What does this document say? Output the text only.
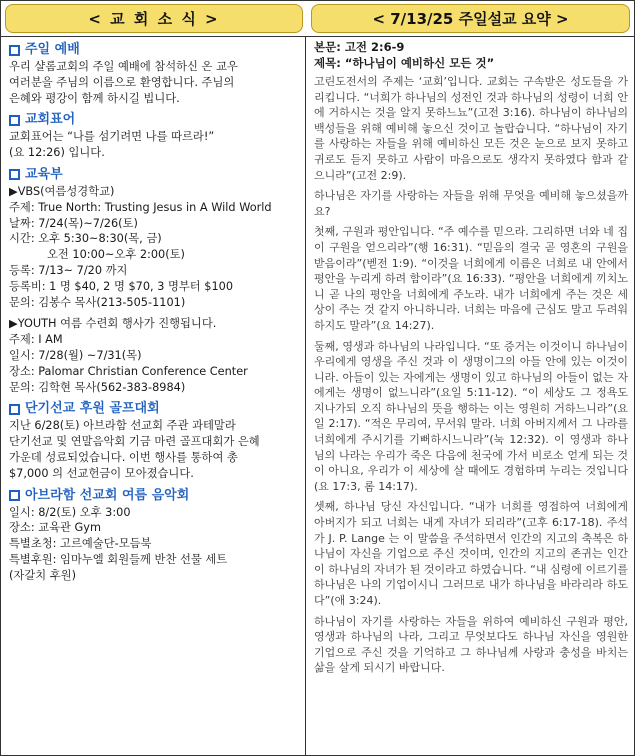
< 교 회 소 식 >	< 7/13/25 주일설교 요약 >
주일 예배
우리 샬롬교회의 주일 예배에 참석하신 온 교우
여러분을 주님의 이름으로 환영합니다. 주님의
은혜와 평강이 함께 하시길 빕니다.
교회표어
교회표어는 “나를 섬기려면 나를 따르라!”
(요 12:26) 입니다.
교육부
▶VBS(여름성경학교)
주제: True North: Trusting Jesus in A Wild World
날짜: 7/24(목)~7/26(토)
시간: 오후 5:30~8:30(목, 금)
오전 10:00~오후 2:00(토)
등록: 7/13~ 7/20 까지
등록비: 1 명 $40, 2 명 $70, 3 명부터 $100
문의: 김봉수 목사(213-505-1101)
▶YOUTH 여름 수련회 행사가 진행됩니다.
주제: I AM
일시: 7/28(월) ~7/31(목)
장소: Palomar Christian Conference Center
문의: 김학현 목사(562-383-8984)
단기선교 후원 골프대회
지난 6/28(토) 아브라함 선교회 주관 과테말라
단기선교 및 연말음악회 기금 마련 골프대회가 은혜
가운데 성료되었습니다. 이번 행사를 통하여 총
$7,000 의 선교헌금이 모아졌습니다.
아브라함 선교회 여름 음악회
일시: 8/2(토) 오후 3:00
장소: 교육관 Gym
특별초청: 고르예술단-모듬북
특별후원: 임마누엘 회원들께 반찬 선물 세트
(자갈치 후원)
본문: 고전 2:6-9
제목: “하나님이 예비하신 모든 것”

고린도전서의 주제는 ‘교회’입니다. 교회는 구속받은 성도들을 가리킵니다. “너희가 하나님의 성전인 것과 하나님의 성령이 너희 안에 거하시는 것을 알지 못하느뇨”(고전 3:16). 하나님이 하나님의 백성들을 위해 예비해 놓으신 것이고 놀랍습니다. “하나님이 자기를 사랑하는 자들을 위해 예비하신 모든 것은 눈으로 보지 못하고 귀로도 듣지 못하고 사람이 마음으로도 생각지 못하였다 함과 같으니라”(고전 2:9).

하나님은 자기를 사랑하는 자들을 위해 무엇을 예비해 놓으셨을까요?

첫째, 구원과 평안입니다. “주 예수를 믿으라. 그리하면 너와 네 집이 구원을 얻으리라”(행 16:31). “믿음의 결국 곧 영혼의 구원을 받음이라”(벧전 1:9). “이것을 너희에게 이름은 너희로 내 안에서 평안을 누리게 하려 함이라”(요 16:33). “평안을 너희에게 끼치노니 곧 나의 평안을 너희에게 주노라. 내가 너희에게 주는 것은 세상이 주는 것 같지 아니하니라. 너희는 마음에 근심도 말고 두려워 하지도 말라”(요 14:27).

둘째, 영생과 하나님의 나라입니다. “또 증거는 이것이니 하나님이 우리에게 영생을 주신 것과 이 생명이그의 아들 안에 있는 이것이니라. 아들이 있는 자에게는 생명이 있고 하나님의 아들이 없는 자에게는 생명이 없느니라”(요일 5:11-12). “이 세상도 그 정욕도 지나가되 오직 하나님의 뜻을 행하는 이는 영원히 거하느니라”(요일 2:17). “적은 무리여, 무서워 말라. 너희 아버지께서 그 나라를 너희에게 주시기를 기뻐하시느니라”(눅 12:32). 이 영생과 하나님의 나라는 우리가 죽은 다음에 천국에 가서 비로소 얻게 되는 것이 아니요, 우리가 이 세상에 살 때에도 경험하며 누리는 것입니다(요 17:3, 롬 14:17).

셋째, 하나님 당신 자신입니다. “내가 너희를 영접하여 너희에게 아버지가 되고 너희는 내게 자녀가 되리라”(고후 6:17-18). 주석가 J. P. Lange 는 이 말씀을 주석하면서 인간의 지고의 축복은 하나님이 자신을 기업으로 주신 것이며, 인간의 지고의 존귀는 인간이 하나님의 자녀가 된 것이라고 하였습니다. “내 심령에 이르기를 하나님은 나의 기업이시니 그러므로 내가 하나님을 바라리라 하도다”(애 3:24).

하나님이 자기를 사랑하는 자들을 위하여 예비하신 구원과 평안, 영생과 하나님의 나라, 그리고 무엇보다도 하나님 자신을 영원한 기업으로 주신 것을 기억하고 그 하나님께 사랑과 충성을 바치는 삶을 살게 되시기 바랍니다.
